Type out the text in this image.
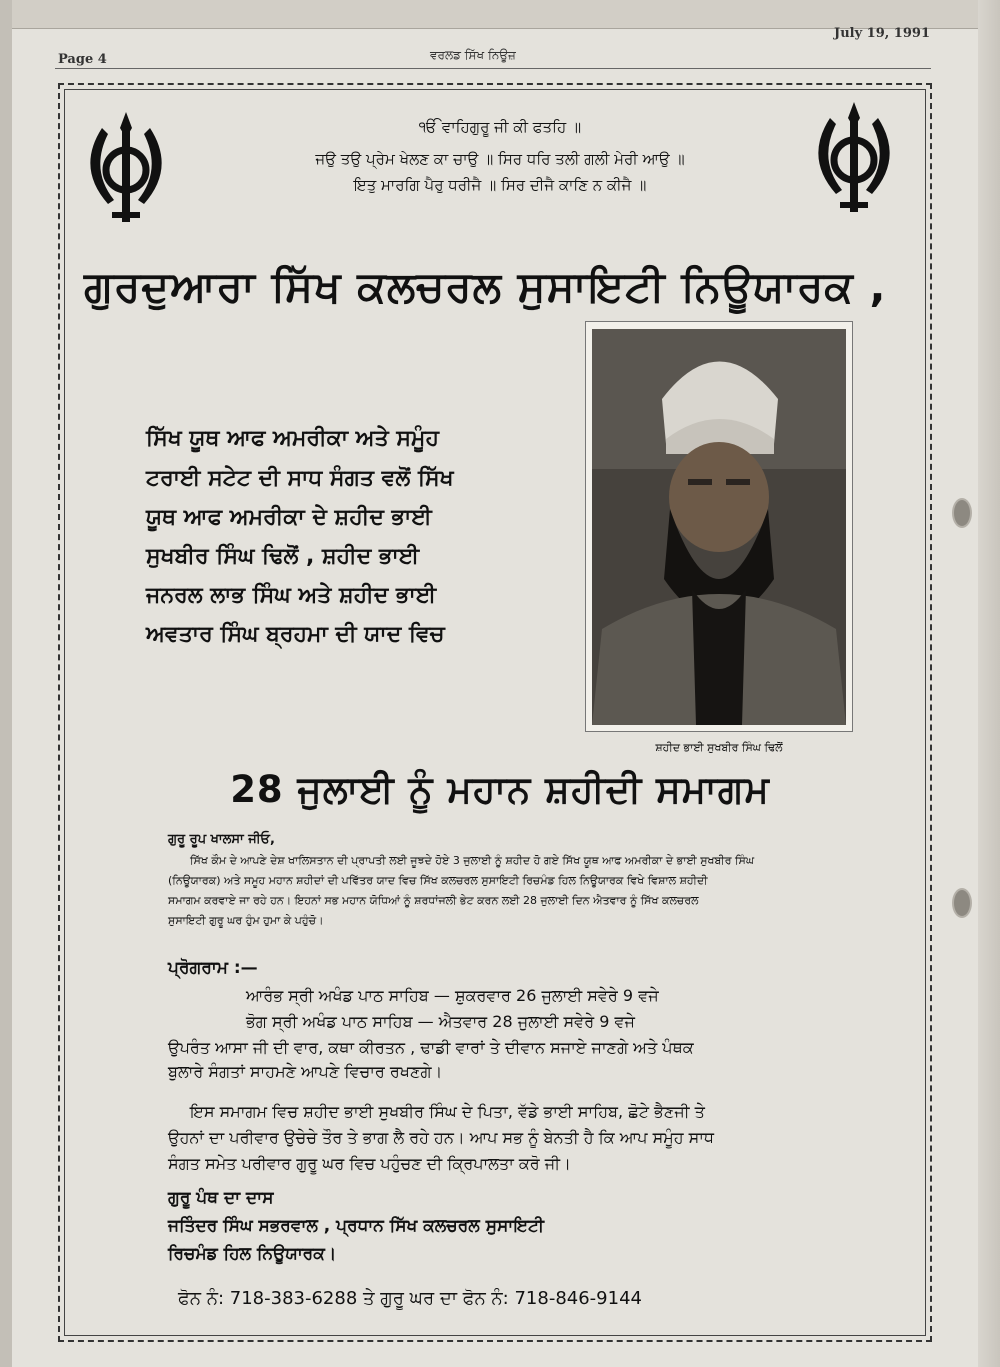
Page 4	ਵਰਲਡ ਸਿੱਖ ਨਿਊਜ਼
July 19, 1991
ੴ ਵਾਹਿਗੁਰੂ ਜੀ ਕੀ ਫਤਹਿ ॥
ਜਉ ਤਉ ਪ੍ਰੇਮ ਖੇਲਣ ਕਾ ਚਾਉ ॥ ਸਿਰ ਧਰਿ ਤਲੀ ਗਲੀ ਮੇਰੀ ਆਉ ॥
ਇਤੁ ਮਾਰਗਿ ਪੈਰੁ ਧਰੀਜੈ ॥ ਸਿਰ ਦੀਜੈ ਕਾਣਿ ਨ ਕੀਜੈ ॥
ਗੁਰਦੁਆਰਾ ਸਿੱਖ ਕਲਚਰਲ ਸੁਸਾਇਟੀ ਨਿਊਯਾਰਕ ,
ਸਿੱਖ ਯੂਥ ਆਫ ਅਮਰੀਕਾ ਅਤੇ ਸਮੂੰਹ
ਟਰਾਈ ਸਟੇਟ ਦੀ ਸਾਧ ਸੰਗਤ ਵਲੋਂ ਸਿੱਖ
ਯੂਥ ਆਫ ਅਮਰੀਕਾ ਦੇ ਸ਼ਹੀਦ ਭਾਈ
ਸੁਖਬੀਰ ਸਿੰਘ ਢਿਲੋਂ , ਸ਼ਹੀਦ ਭਾਈ
ਜਨਰਲ ਲਾਭ ਸਿੰਘ ਅਤੇ ਸ਼ਹੀਦ ਭਾਈ
ਅਵਤਾਰ ਸਿੰਘ ਬ੍ਰਹਮਾ ਦੀ ਯਾਦ ਵਿਚ
ਸ਼ਹੀਦ ਭਾਈ ਸੁਖਬੀਰ ਸਿੰਘ ਢਿਲੋਂ
28 ਜੁਲਾਈ ਨੂੰ ਮਹਾਨ ਸ਼ਹੀਦੀ ਸਮਾਗਮ
ਗੁਰੂ ਰੂਪ ਖਾਲਸਾ ਜੀਓ,
ਸਿੱਖ ਕੌਮ ਦੇ ਆਪਣੇ ਦੇਸ਼ ਖਾਲਿਸਤਾਨ ਦੀ ਪ੍ਰਾਪਤੀ ਲਈ ਜੂਝਦੇ ਹੋਏ 3 ਜੁਲਾਈ ਨੂੰ ਸ਼ਹੀਦ ਹੋ ਗਏ ਸਿੱਖ ਯੂਥ ਆਫ ਅਮਰੀਕਾ ਦੇ ਭਾਈ ਸੁਖਬੀਰ ਸਿੰਘ
(ਨਿਊਯਾਰਕ) ਅਤੇ ਸਮੂਹ ਮਹਾਨ ਸ਼ਹੀਦਾਂ ਦੀ ਪਵਿੱਤਰ ਯਾਦ ਵਿਚ ਸਿੱਖ ਕਲਚਰਲ ਸੁਸਾਇਟੀ ਰਿਚਮੰਡ ਹਿਲ ਨਿਊਯਾਰਕ ਵਿਖੇ ਵਿਸ਼ਾਲ ਸ਼ਹੀਦੀ
ਸਮਾਗਮ ਕਰਵਾਏ ਜਾ ਰਹੇ ਹਨ। ਇਹਨਾਂ ਸਭ ਮਹਾਨ ਯੋਧਿਆਂ ਨੂੰ ਸ਼ਰਧਾਂਜਲੀ ਭੇਟ ਕਰਨ ਲਈ 28 ਜੁਲਾਈ ਦਿਨ ਐਤਵਾਰ ਨੂੰ ਸਿੱਖ ਕਲਚਰਲ
ਸੁਸਾਇਟੀ ਗੁਰੂ ਘਰ ਹੁੰਮ ਹੁਮਾ ਕੇ ਪਹੁੰਚੋ।
ਪ੍ਰੋਗਰਾਮ :—
ਆਰੰਭ ਸ੍ਰੀ ਅਖੰਡ ਪਾਠ ਸਾਹਿਬ — ਸ਼ੁਕਰਵਾਰ 26 ਜੁਲਾਈ ਸਵੇਰੇ 9 ਵਜੇ
ਭੋਗ ਸ੍ਰੀ ਅਖੰਡ ਪਾਠ ਸਾਹਿਬ — ਐਤਵਾਰ 28 ਜੁਲਾਈ ਸਵੇਰੇ 9 ਵਜੇ
ਉਪਰੰਤ ਆਸਾ ਜੀ ਦੀ ਵਾਰ, ਕਥਾ ਕੀਰਤਨ , ਢਾਡੀ ਵਾਰਾਂ ਤੇ ਦੀਵਾਨ ਸਜਾਏ ਜਾਣਗੇ ਅਤੇ ਪੰਥਕ
ਬੁਲਾਰੇ ਸੰਗਤਾਂ ਸਾਹਮਣੇ ਆਪਣੇ ਵਿਚਾਰ ਰਖਣਗੇ।
ਇਸ ਸਮਾਗਮ ਵਿਚ ਸ਼ਹੀਦ ਭਾਈ ਸੁਖਬੀਰ ਸਿੰਘ ਦੇ ਪਿਤਾ, ਵੱਡੇ ਭਾਈ ਸਾਹਿਬ, ਛੋਟੇ ਭੈਣਜੀ ਤੇ
ਉਹਨਾਂ ਦਾ ਪਰੀਵਾਰ ਉਚੇਚੇ ਤੌਰ ਤੇ ਭਾਗ ਲੈ ਰਹੇ ਹਨ। ਆਪ ਸਭ ਨੂੰ ਬੇਨਤੀ ਹੈ ਕਿ ਆਪ ਸਮੂੰਹ ਸਾਧ
ਸੰਗਤ ਸਮੇਤ ਪਰੀਵਾਰ ਗੁਰੂ ਘਰ ਵਿਚ ਪਹੁੰਚਣ ਦੀ ਕ੍ਰਿਪਾਲਤਾ ਕਰੋ ਜੀ।
ਗੁਰੂ ਪੰਥ ਦਾ ਦਾਸ
ਜਤਿੰਦਰ ਸਿੰਘ ਸਭਰਵਾਲ , ਪ੍ਰਧਾਨ ਸਿੱਖ ਕਲਚਰਲ ਸੁਸਾਇਟੀ
ਰਿਚਮੰਡ ਹਿਲ ਨਿਊਯਾਰਕ।
ਫੋਨ ਨੰ: 718-383-6288 ਤੇ ਗੁਰੂ ਘਰ ਦਾ ਫੋਨ ਨੰ: 718-846-9144
